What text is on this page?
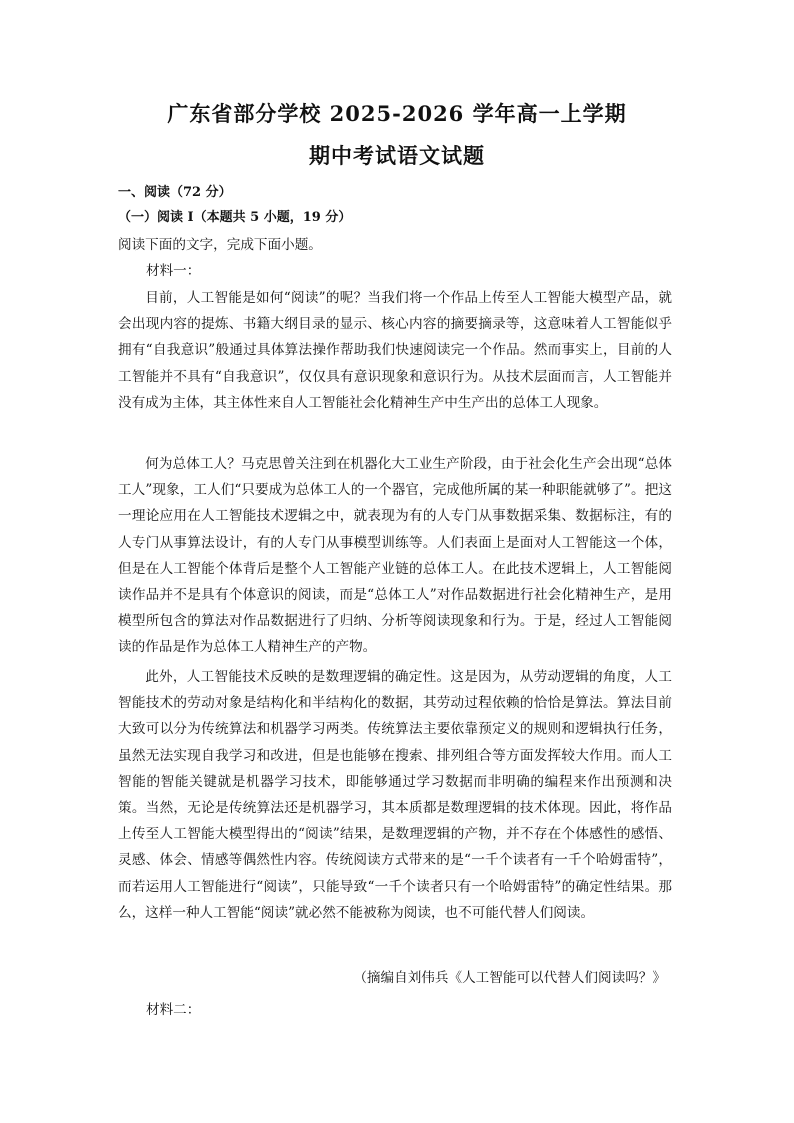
广东省部分学校 2025-2026 学年高一上学期
期中考试语文试题
一、阅读（72 分）
（一）阅读 I（本题共 5 小题，19 分）

阅读下面的文字，完成下面小题。

材料一：

目前，人工智能是如何“阅读”的呢？当我们将一个作品上传至人工智能大模型产品，就会出现内容的提炼、书籍大纲目录的显示、核心内容的摘要摘录等，这意味着人工智能似乎拥有“自我意识”般通过具体算法操作帮助我们快速阅读完一个作品。然而事实上，目前的人工智能并不具有“自我意识”，仅仅具有意识现象和意识行为。从技术层面而言，人工智能并没有成为主体，其主体性来自人工智能社会化精神生产中生产出的总体工人现象。

何为总体工人？马克思曾关注到在机器化大工业生产阶段，由于社会化生产会出现“总体工人”现象，工人们“只要成为总体工人的一个器官，完成他所属的某一种职能就够了”。把这一理论应用在人工智能技术逻辑之中，就表现为有的人专门从事数据采集、数据标注，有的人专门从事算法设计，有的人专门从事模型训练等。人们表面上是面对人工智能这一个体，但是在人工智能个体背后是整个人工智能产业链的总体工人。在此技术逻辑上，人工智能阅读作品并不是具有个体意识的阅读，而是“总体工人”对作品数据进行社会化精神生产，是用模型所包含的算法对作品数据进行了归纳、分析等阅读现象和行为。于是，经过人工智能阅读的作品是作为总体工人精神生产的产物。

此外，人工智能技术反映的是数理逻辑的确定性。这是因为，从劳动逻辑的角度，人工智能技术的劳动对象是结构化和半结构化的数据，其劳动过程依赖的恰恰是算法。算法目前大致可以分为传统算法和机器学习两类。传统算法主要依靠预定义的规则和逻辑执行任务，虽然无法实现自我学习和改进，但是也能够在搜索、排列组合等方面发挥较大作用。而人工智能的智能关键就是机器学习技术，即能够通过学习数据而非明确的编程来作出预测和决策。当然，无论是传统算法还是机器学习，其本质都是数理逻辑的技术体现。因此，将作品上传至人工智能大模型得出的“阅读”结果，是数理逻辑的产物，并不存在个体感性的感悟、灵感、体会、情感等偶然性内容。传统阅读方式带来的是“一千个读者有一千个哈姆雷特”，而若运用人工智能进行“阅读”，只能导致“一千个读者只有一个哈姆雷特”的确定性结果。那么，这样一种人工智能“阅读”就必然不能被称为阅读，也不可能代替人们阅读。

（摘编自刘伟兵《人工智能可以代替人们阅读吗？》

材料二：
